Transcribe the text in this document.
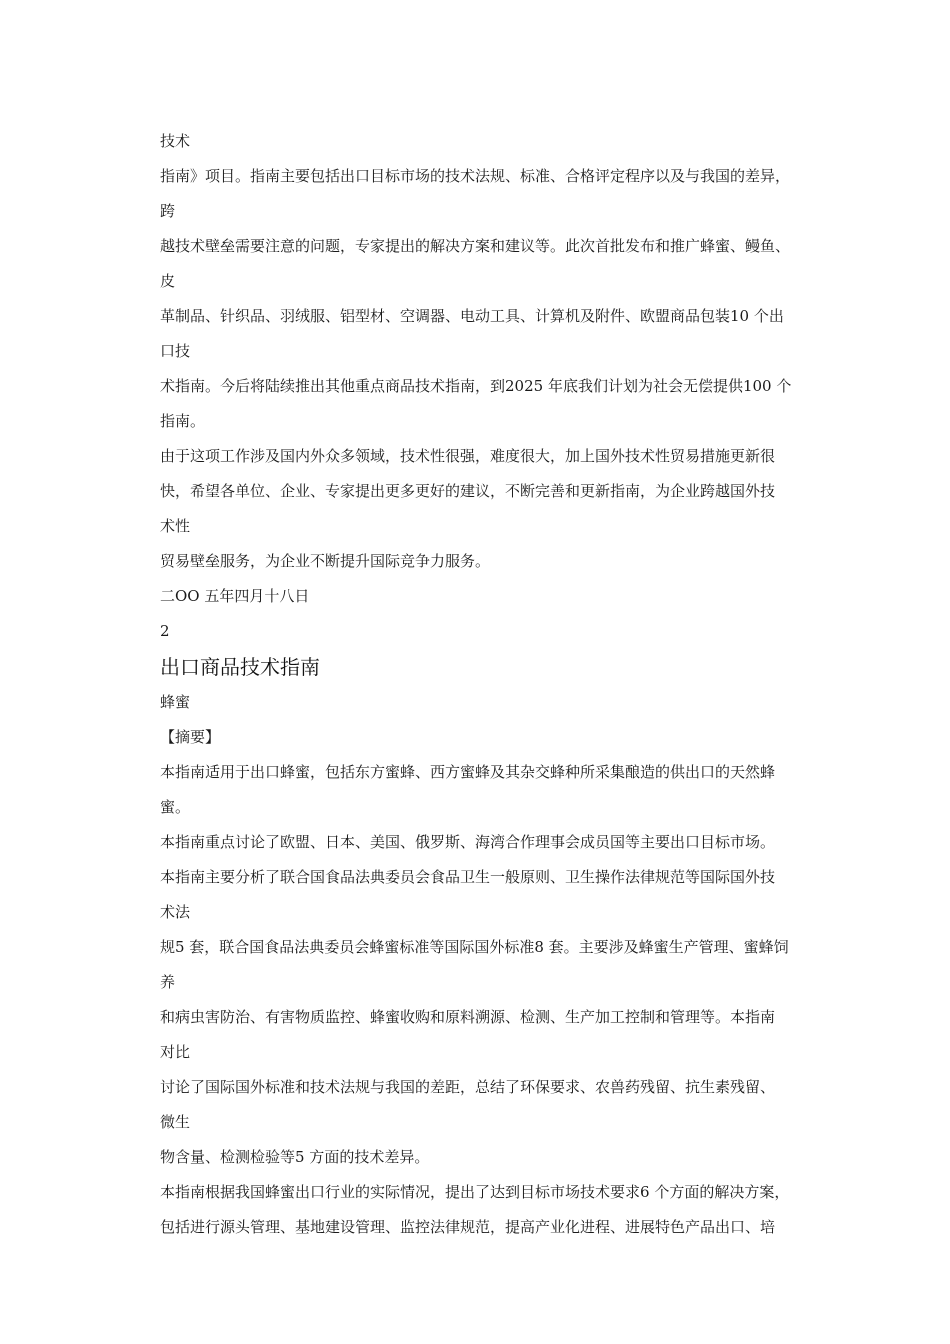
技术
指南》项目。指南主要包括出口目标市场的技术法规、标准、合格评定程序以及与我国的差异，
跨
越技术壁垒需要注意的问题，专家提出的解决方案和建议等。此次首批发布和推广蜂蜜、鳗鱼、
皮
革制品、针织品、羽绒服、铝型材、空调器、电动工具、计算机及附件、欧盟商品包装10 个出
口技
术指南。今后将陆续推出其他重点商品技术指南，到2025 年底我们计划为社会无偿提供100 个
指南。
由于这项工作涉及国内外众多领域，技术性很强，难度很大，加上国外技术性贸易措施更新很
快，希望各单位、企业、专家提出更多更好的建议，不断完善和更新指南，为企业跨越国外技
术性
贸易壁垒服务，为企业不断提升国际竞争力服务。
二OO 五年四月十八日
2
出口商品技术指南
蜂蜜
【摘要】
本指南适用于出口蜂蜜，包括东方蜜蜂、西方蜜蜂及其杂交蜂种所采集酿造的供出口的天然蜂
蜜。
本指南重点讨论了欧盟、日本、美国、俄罗斯、海湾合作理事会成员国等主要出口目标市场。
本指南主要分析了联合国食品法典委员会食品卫生一般原则、卫生操作法律规范等国际国外技
术法
规5 套，联合国食品法典委员会蜂蜜标准等国际国外标准8 套。主要涉及蜂蜜生产管理、蜜蜂饲
养
和病虫害防治、有害物质监控、蜂蜜收购和原料溯源、检测、生产加工控制和管理等。本指南
对比
讨论了国际国外标准和技术法规与我国的差距，总结了环保要求、农兽药残留、抗生素残留、
微生
物含量、检测检验等5 方面的技术差异。
本指南根据我国蜂蜜出口行业的实际情况，提出了达到目标市场技术要求6 个方面的解决方案，
包括进行源头管理、基地建设管理、监控法律规范，提高产业化进程、进展特色产品出口、培
